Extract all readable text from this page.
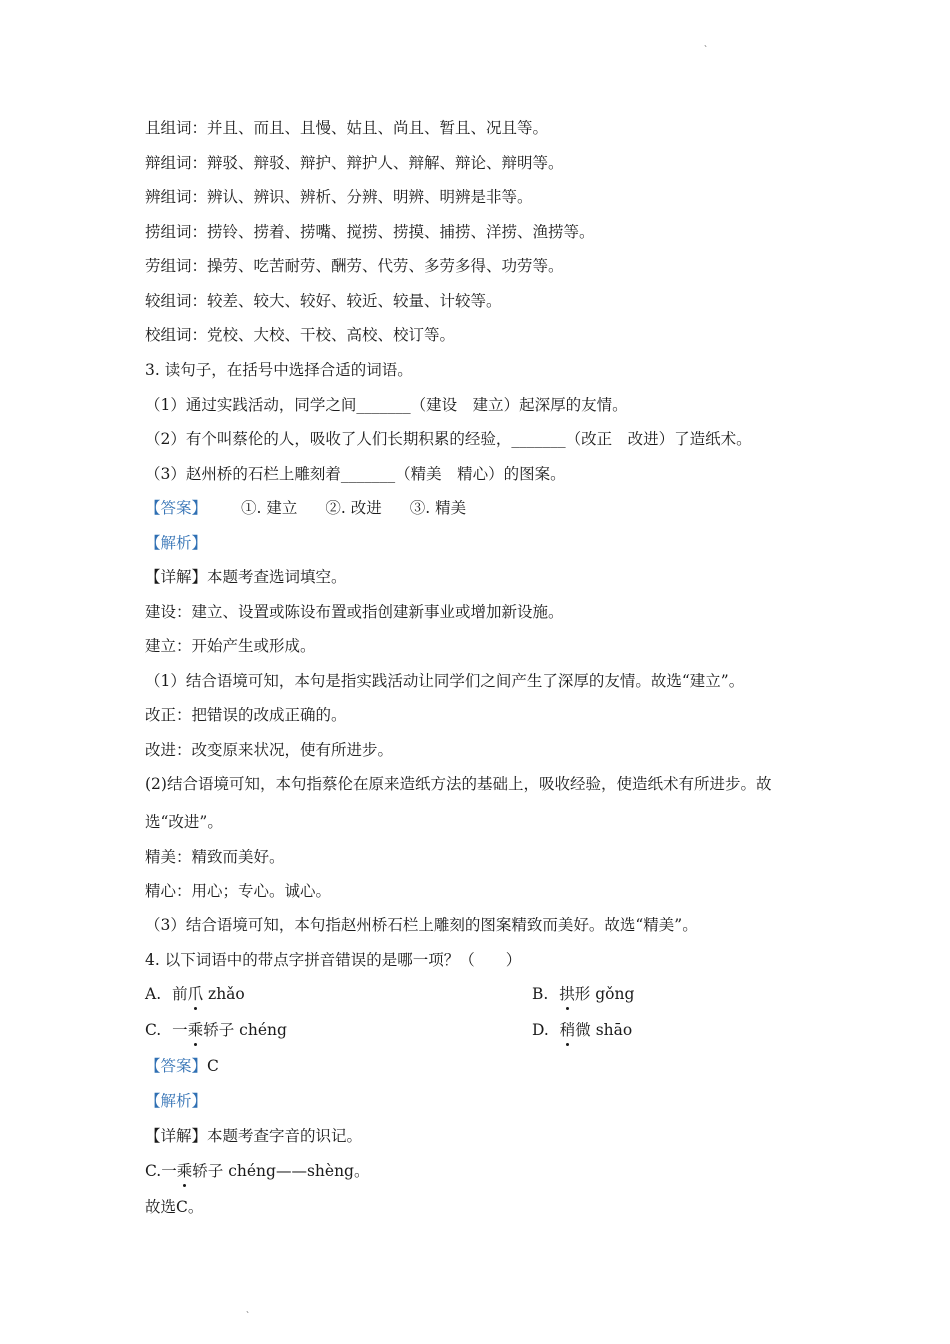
、
且组词：并且、而且、且慢、姑且、尚且、暂且、况且等。
辩组词：辩驳、辩驳、辩护、辩护人、辩解、辩论、辩明等。
辨组词：辨认、辨识、辨析、分辨、明辨、明辨是非等。
捞组词：捞铃、捞着、捞嘴、搅捞、捞摸、捕捞、洋捞、渔捞等。
劳组词：操劳、吃苦耐劳、酬劳、代劳、多劳多得、功劳等。
较组词：较差、较大、较好、较近、较量、计较等。
校组词：党校、大校、干校、高校、校订等。
3. 读句子，在括号中选择合适的词语。
（1）通过实践活动，同学之间_______（建设　建立）起深厚的友情。
（2）有个叫蔡伦的人，吸收了人们长期积累的经验，_______（改正　改进）了造纸术。
（3）赵州桥的石栏上雕刻着_______（精美　精心）的图案。
【答案】 ①. 建立 ②. 改进 ③. 精美
【解析】
【详解】本题考查选词填空。
建设：建立、设置或陈设布置或指创建新事业或增加新设施。
建立：开始产生或形成。
（1）结合语境可知，本句是指实践活动让同学们之间产生了深厚的友情。故选“建立”。
改正：把错误的改成正确的。
改进：改变原来状况，使有所进步。
(2)结合语境可知，本句指蔡伦在原来造纸方法的基础上，吸收经验，使造纸术有所进步。故
选“改进”。
精美：精致而美好。
精心：用心；专心。诚心。
（3）结合语境可知，本句指赵州桥石栏上雕刻的图案精致而美好。故选“精美”。
4. 以下词语中的带点字拼音错误的是哪一项？（　　）
A. 前爪 zhǎo	B. 拱形 gǒng
C. 一乘轿子 chéng	D. 稍微 shāo
【答案】C
【解析】
【详解】本题考查字音的识记。
C.一乘轿子 chéng——shèng。
故选C。
、
